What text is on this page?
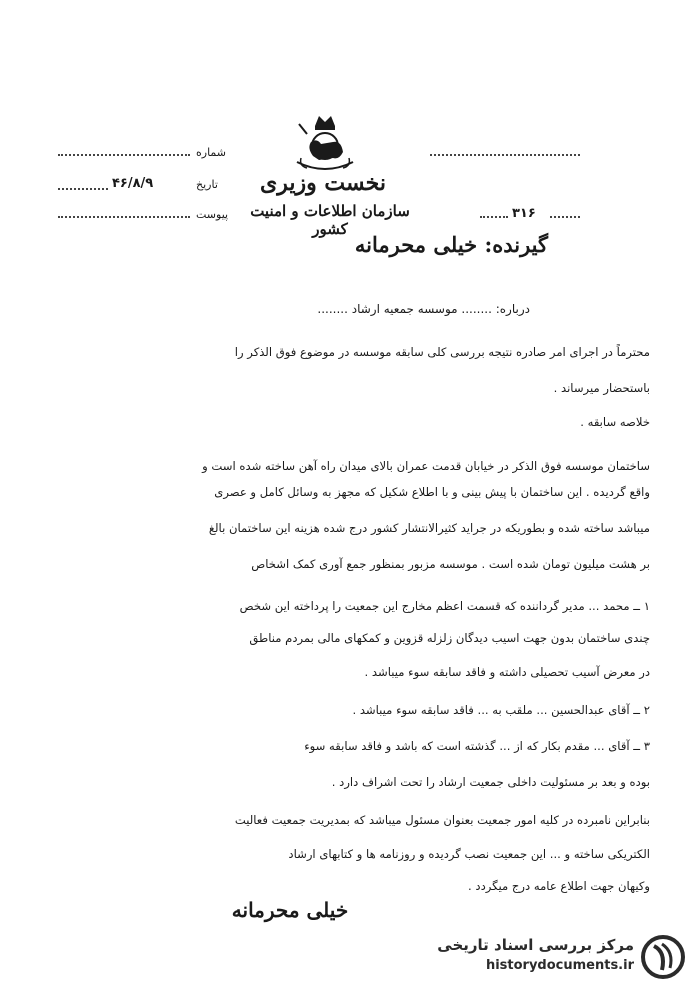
نخست وزیری
سازمان اطلاعات و امنیت کشور
شماره
۴۶/۸/۹	تاریخ
پیوست	۳۱۶
گیرنده: خیلی محرمانه
درباره: ........ موسسه جمعیه ارشاد ........
محترماً در اجرای امر صادره نتیجه بررسی کلی سابقه موسسه در موضوع فوق الذکر را
باستحضار میرساند .
خلاصه سابقه .
ساختمان موسسه فوق الذکر در خیابان قدمت عمران بالای میدان راه آهن ساخته شده است و
واقع گردیده . این ساختمان با پیش بینی و با اطلاع شکیل که مجهز به وسائل کامل و عصری
میباشد ساخته شده و بطوریکه در جراید کثیرالانتشار کشور درج شده هزینه این ساختمان بالغ
بر هشت میلیون تومان شده است . موسسه مزبور بمنظور جمع آوری کمک اشخاص
۱ ــ محمد ... مدیر گرداننده که قسمت اعظم مخارج این جمعیت را پرداخته این شخص
چندی ساختمان بدون جهت اسیب دیدگان زلزله قزوین و کمکهای مالی بمردم مناطق
در معرض آسیب تحصیلی داشته و فاقد سابقه سوء میباشد .
۲ ــ آقای عبدالحسین ... ملقب به ... فاقد سابقه سوء میباشد .
۳ ــ آقای ... مقدم بکار که از ... گذشته است که باشد و فاقد سابقه سوء
بوده و بعد بر مسئولیت داخلی جمعیت ارشاد را تحت اشراف دارد .
بنابراین نامبرده در کلیه امور جمعیت بعنوان مسئول میباشد که بمدیریت جمعیت فعالیت
الکتریکی ساخته و ... این جمعیت نصب گردیده و روزنامه ها و کتابهای ارشاد
وکیهان جهت اطلاع عامه درج میگردد .
خیلی محرمانه
مرکز بررسی اسناد تاریخی
historydocuments.ir
